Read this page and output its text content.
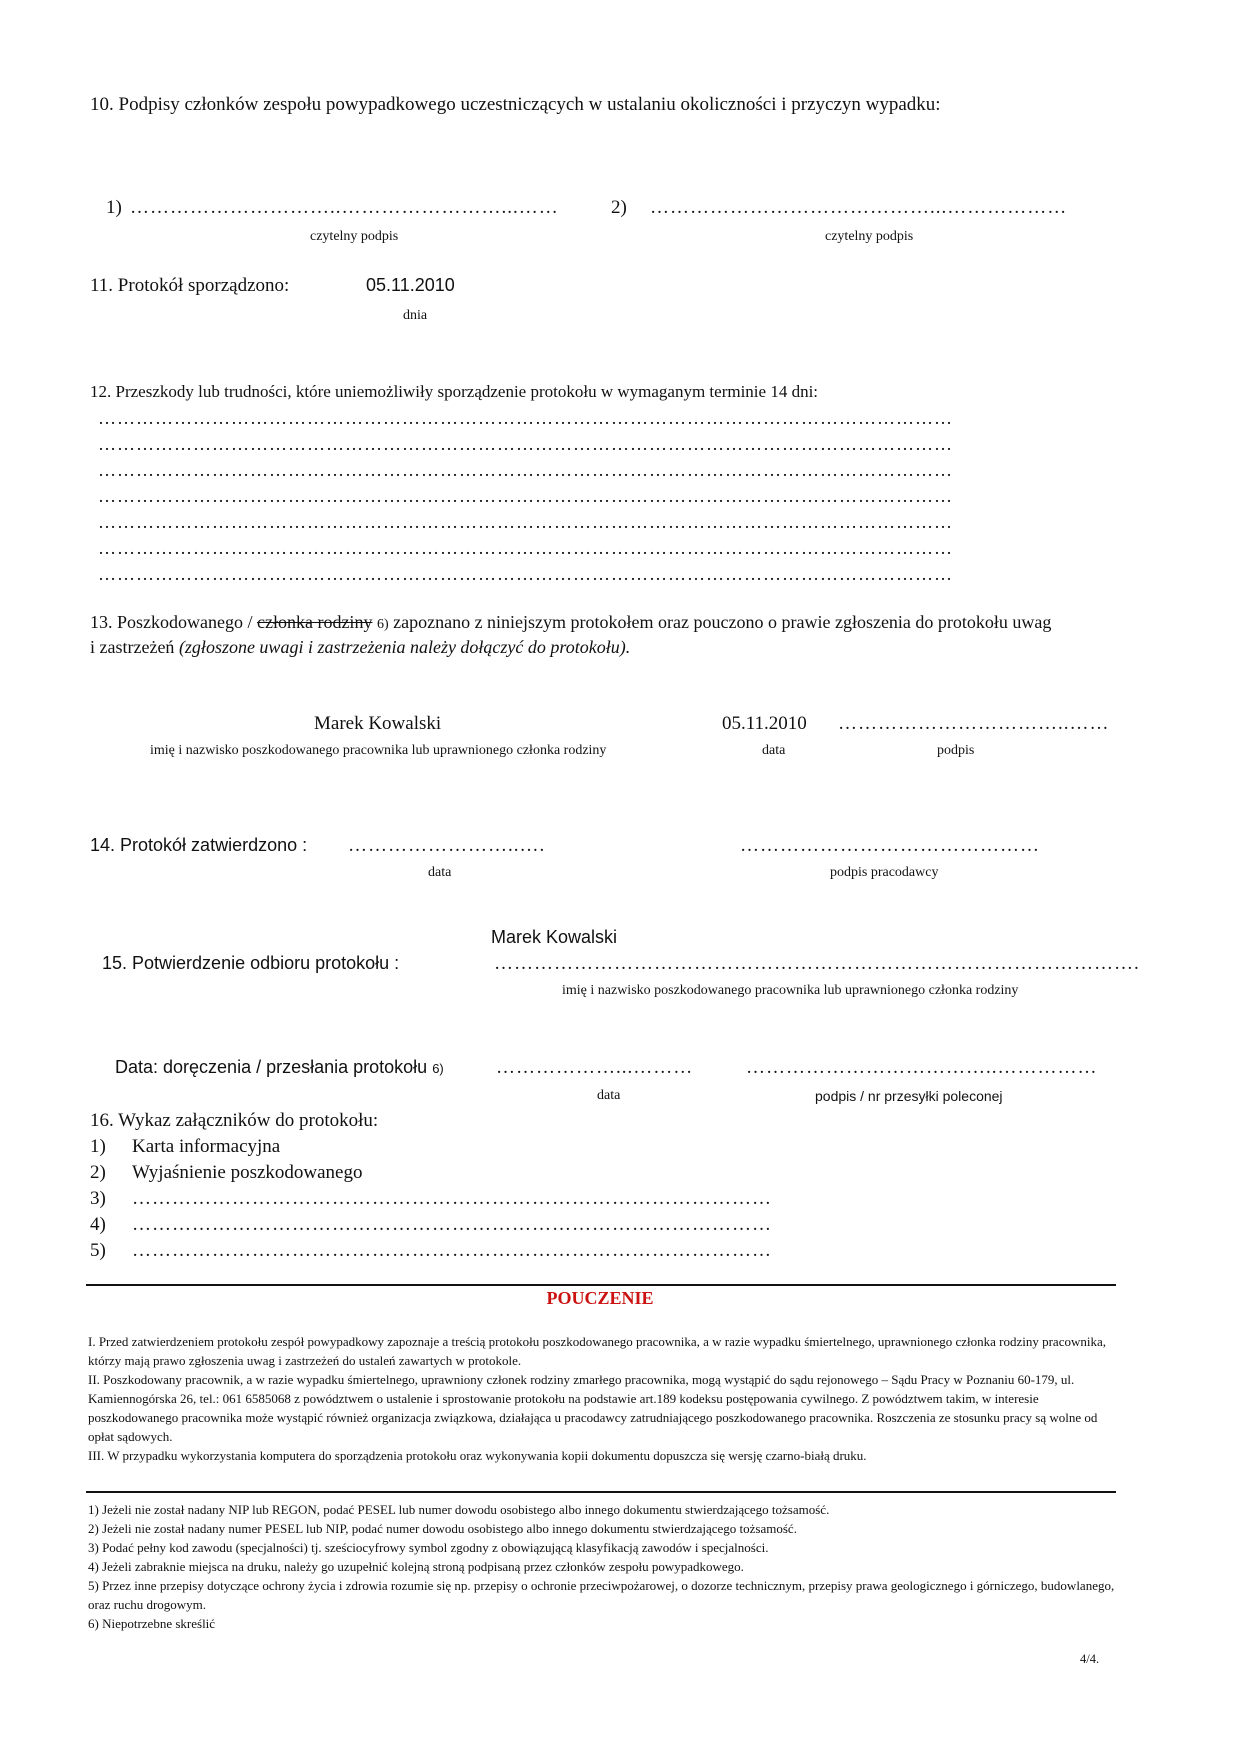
10. Podpisy członków zespołu powypadkowego uczestniczących w ustalaniu okoliczności i przyczyn wypadku:
1) …………………………..……………………...……
czytelny podpis
2) ……………………………………...………………
czytelny podpis
11. Protokół sporządzono:	05.11.2010
dnia
12. Przeszkody lub trudności, które uniemożliwiły sporządzenie protokołu w wymaganym terminie 14 dni:
………………………………………………………………………………………………………………………
………………………………………………………………………………………………………………………
………………………………………………………………………………………………………………………
………………………………………………………………………………………………………………………
………………………………………………………………………………………………………………………
………………………………………………………………………………………………………………………
………………………………………………………………………………………………………………………
13. Poszkodowanego / członka rodziny 6) zapoznano z niniejszym protokołem oraz pouczono o prawie zgłoszenia do protokołu uwag
i zastrzeżeń (zgłoszone uwagi i zastrzeżenia należy dołączyć do protokołu).
Marek Kowalski	05.11.2010 ……………………………..……
imię i nazwisko poszkodowanego pracownika lub uprawnionego członka rodziny	data	podpis
14. Protokół zatwierdzono : ……………………..….	………………………………………
data	podpis pracodawcy
Marek Kowalski
15. Potwierdzenie odbioru protokołu :	…………………………………………………………………………………….
imię i nazwisko poszkodowanego pracownika lub uprawnionego członka rodziny
Data: doręczenia / przesłania protokołu 6)	………………...………	………………………………..……………
data	podpis / nr przesyłki poleconej
16. Wykaz załączników do protokołu:
1) Karta informacyjna
2) Wyjaśnienie poszkodowanego
3) ……………………………………………………………………………………
4) ……………………………………………………………………………………
5) ……………………………………………………………………………………
POUCZENIE

I. Przed zatwierdzeniem protokołu zespół powypadkowy zapoznaje a treścią protokołu poszkodowanego pracownika, a w razie wypadku śmiertelnego, uprawnionego członka rodziny pracownika, którzy mają prawo zgłoszenia uwag i zastrzeżeń do ustaleń zawartych w protokole.

II. Poszkodowany pracownik, a w razie wypadku śmiertelnego, uprawniony członek rodziny zmarłego pracownika, mogą wystąpić do sądu rejonowego – Sądu Pracy w Poznaniu 60-179, ul. Kamiennogórska 26, tel.: 061 6585068 z powództwem o ustalenie i sprostowanie protokołu na podstawie art.189 kodeksu postępowania cywilnego. Z powództwem takim, w interesie poszkodowanego pracownika może wystąpić również organizacja związkowa, działająca u pracodawcy zatrudniającego poszkodowanego pracownika. Roszczenia ze stosunku pracy są wolne od opłat sądowych.

III. W przypadku wykorzystania komputera do sporządzenia protokołu oraz wykonywania kopii dokumentu dopuszcza się wersję czarno-białą druku.

1) Jeżeli nie został nadany NIP lub REGON, podać PESEL lub numer dowodu osobistego albo innego dokumentu stwierdzającego tożsamość.

2) Jeżeli nie został nadany numer PESEL lub NIP, podać numer dowodu osobistego albo innego dokumentu stwierdzającego tożsamość.

3) Podać pełny kod zawodu (specjalności) tj. sześciocyfrowy symbol zgodny z obowiązującą klasyfikacją zawodów i specjalności.

4) Jeżeli zabraknie miejsca na druku, należy go uzupełnić kolejną stroną podpisaną przez członków zespołu powypadkowego.

5) Przez inne przepisy dotyczące ochrony życia i zdrowia rozumie się np. przepisy o ochronie przeciwpożarowej, o dozorze technicznym, przepisy prawa geologicznego i górniczego, budowlanego, oraz ruchu drogowym.

6) Niepotrzebne skreślić

4/4.
